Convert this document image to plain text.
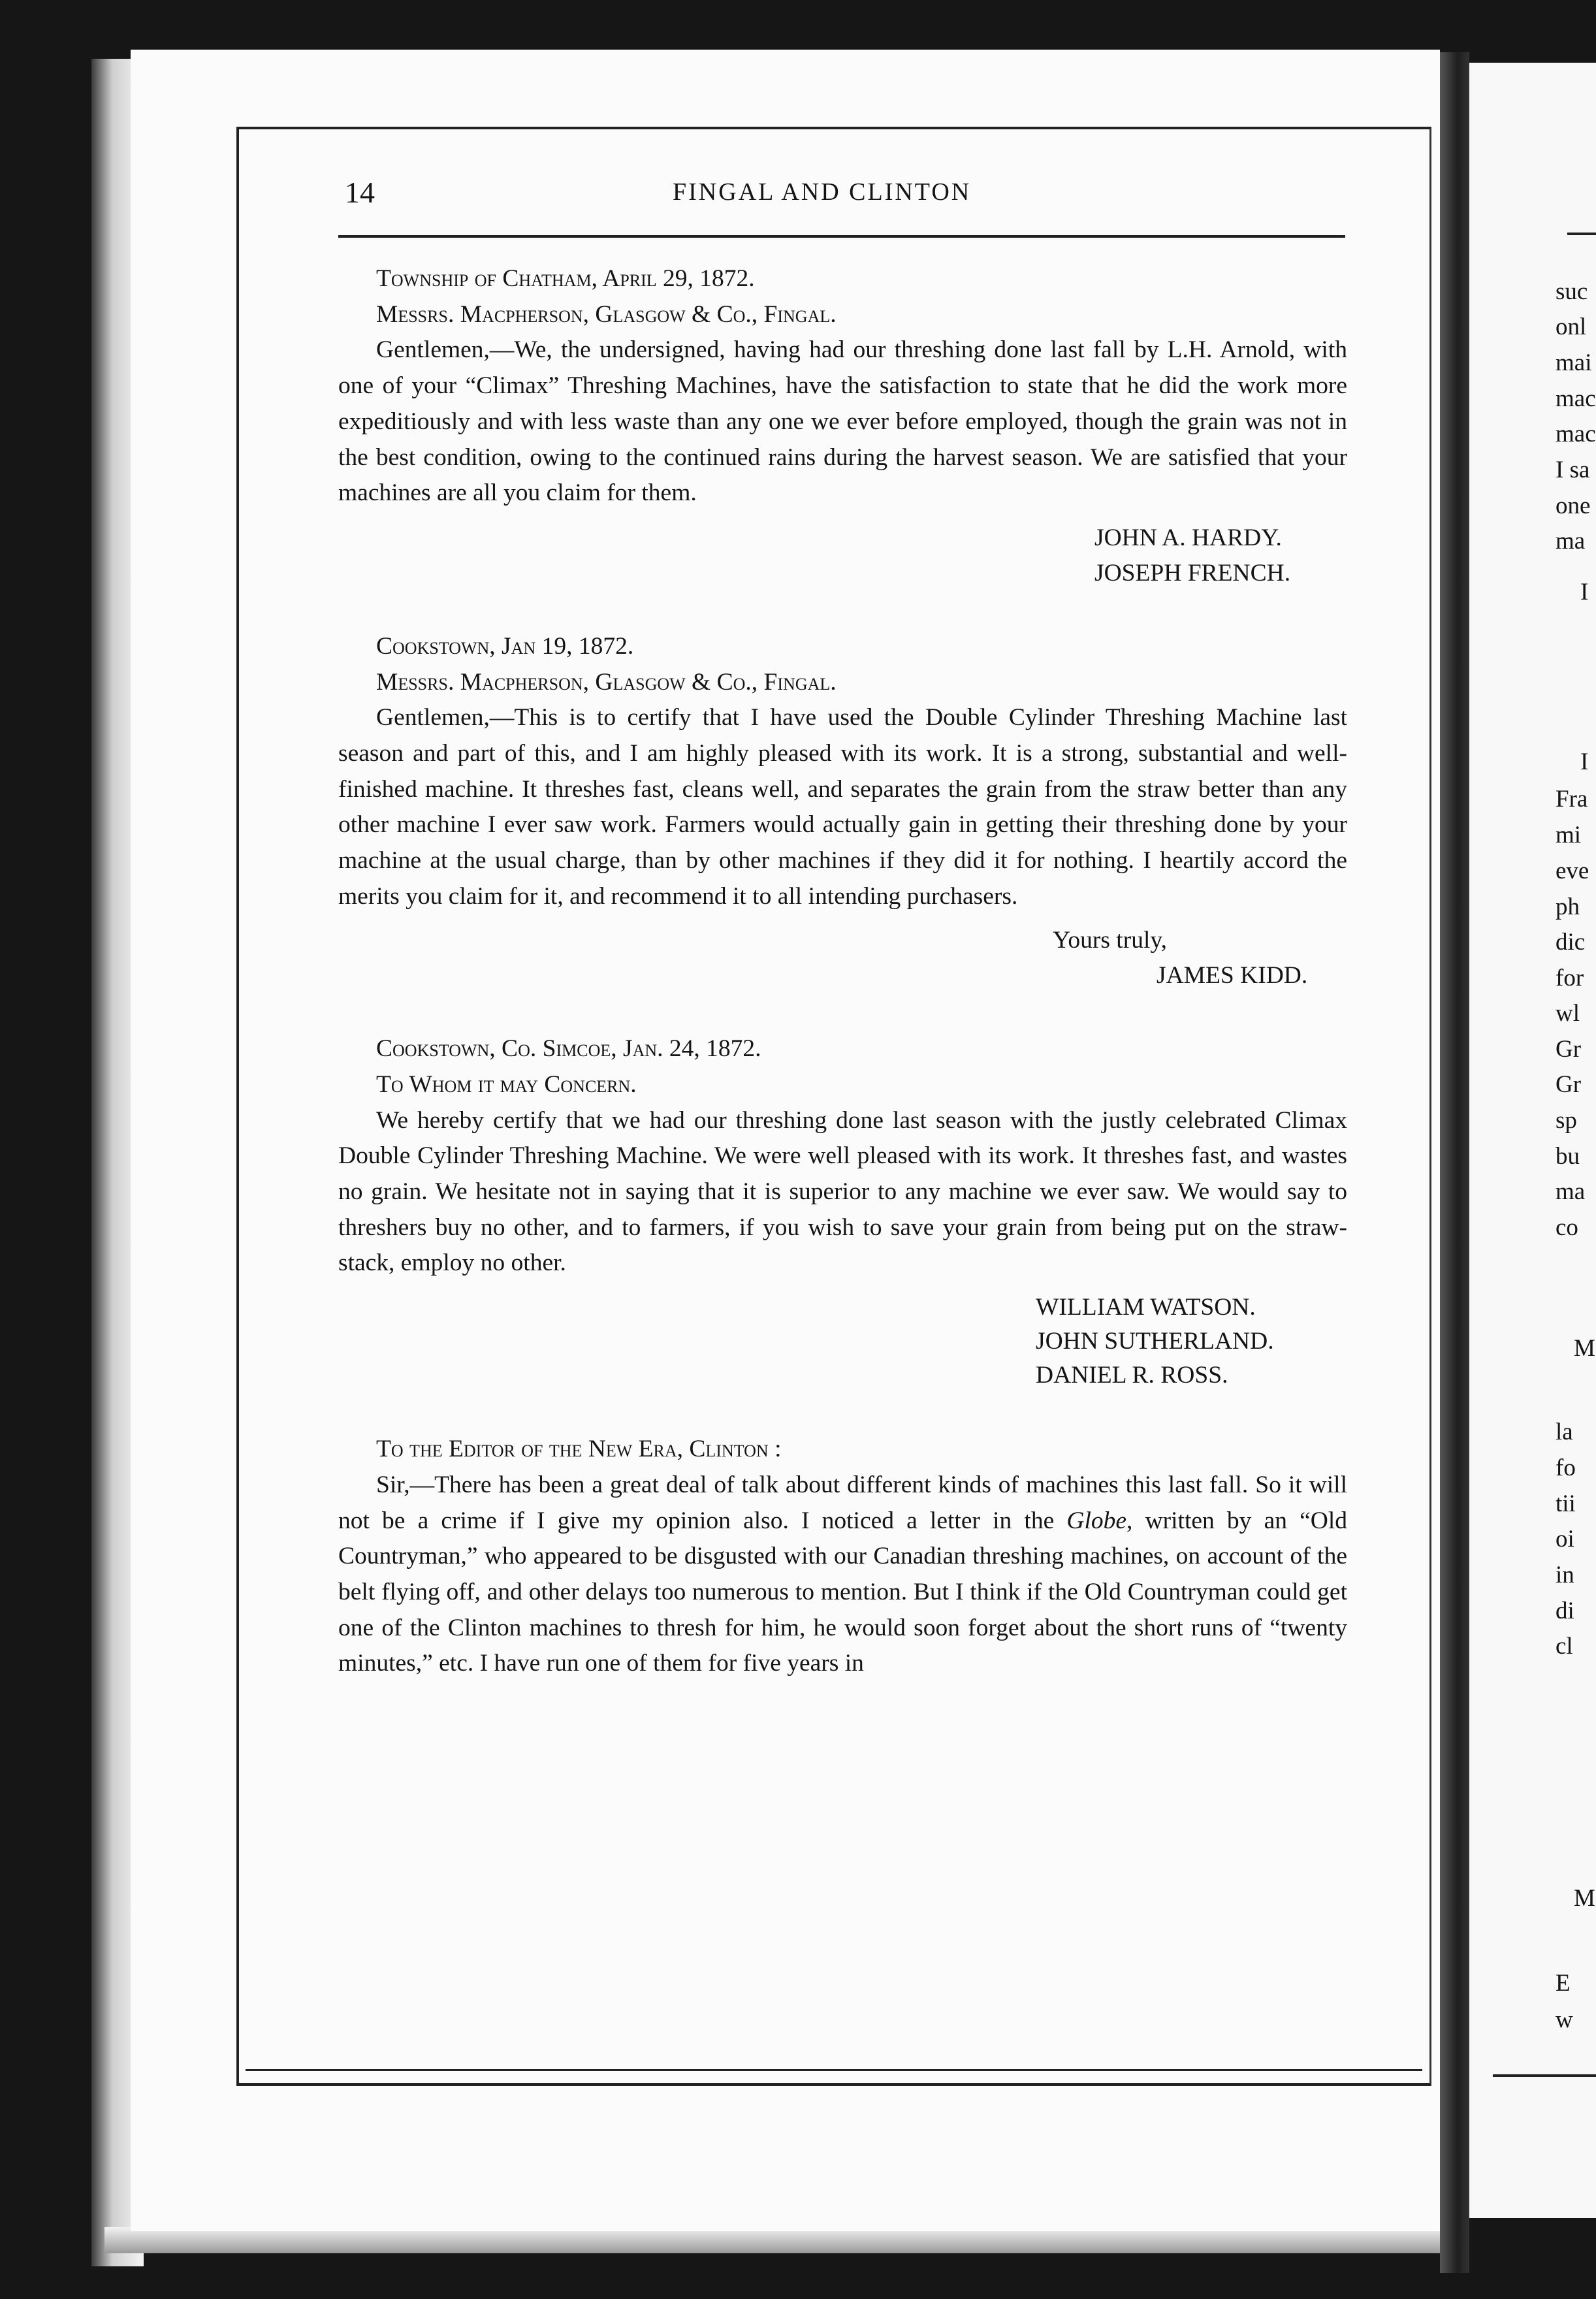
14	FINGAL AND CLINTON

Township of Chatham, April 29, 1872.

Messrs. Macpherson, Glasgow & Co., Fingal.

Gentlemen,—We, the undersigned, having had our threshing done last fall by L.H. Arnold, with one of your “Climax” Threshing Machines, have the satisfaction to state that he did the work more expeditiously and with less waste than any one we ever before employed, though the grain was not in the best condition, owing to the continued rains during the harvest season. We are satisfied that your machines are all you claim for them.

JOHN A. HARDY.

JOSEPH FRENCH.

Cookstown, Jan 19, 1872.

Messrs. Macpherson, Glasgow & Co., Fingal.

Gentlemen,—This is to certify that I have used the Double Cylinder Threshing Machine last season and part of this, and I am highly pleased with its work. It is a strong, substantial and well-finished machine. It threshes fast, cleans well, and separates the grain from the straw better than any other machine I ever saw work. Farmers would actually gain in getting their threshing done by your machine at the usual charge, than by other machines if they did it for nothing. I heartily accord the merits you claim for it, and recommend it to all intending purchasers.

Yours truly,

JAMES KIDD.

Cookstown, Co. Simcoe, Jan. 24, 1872.

To Whom it may Concern.

We hereby certify that we had our threshing done last season with the justly celebrated Climax Double Cylinder Threshing Machine. We were well pleased with its work. It threshes fast, and wastes no grain. We hesitate not in saying that it is superior to any machine we ever saw. We would say to threshers buy no other, and to farmers, if you wish to save your grain from being put on the straw-stack, employ no other.

WILLIAM WATSON.

JOHN SUTHERLAND.

DANIEL R. ROSS.

To the Editor of the New Era, Clinton :

Sir,—There has been a great deal of talk about different kinds of machines this last fall. So it will not be a crime if I give my opinion also. I noticed a letter in the Globe, written by an “Old Countryman,” who appeared to be disgusted with our Canadian threshing machines, on account of the belt flying off, and other delays too numerous to mention. But I think if the Old Countryman could get one of the Clinton machines to thresh for him, he would soon forget about the short runs of “twenty minutes,” etc. I have run one of them for five years in

suc
onl
mai
mac
mac
I sa
one
ma
I
I
Fra
mi
eve
ph
dic
for
wl
Gr
Gr
sp
bu
ma
co
M
la
fo
tii
oi
in
di
cl
M
E
w
